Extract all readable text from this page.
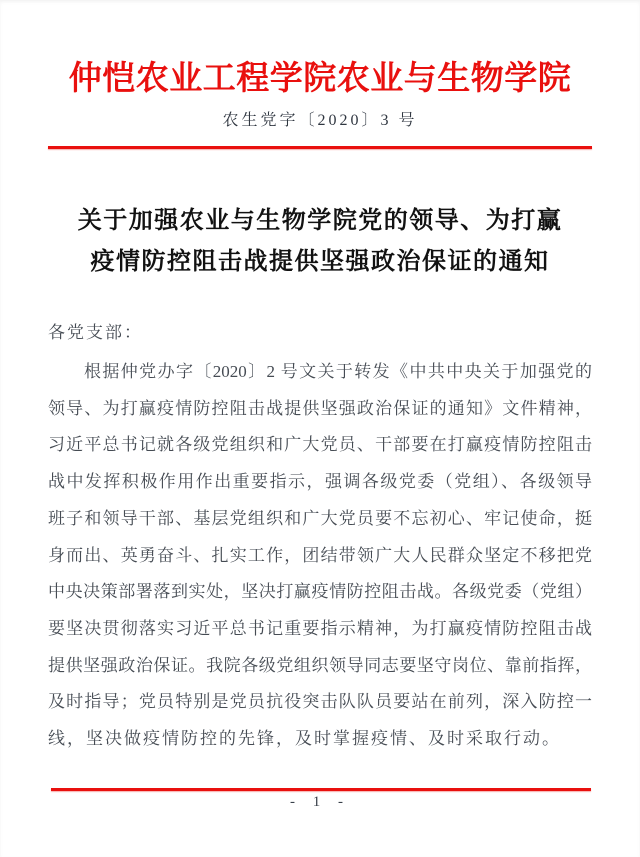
仲恺农业工程学院农业与生物学院
农生党字〔2020〕3 号
关于加强农业与生物学院党的领导、为打赢
疫情防控阻击战提供坚强政治保证的通知
各党支部：
根据仲党办字〔2020〕2 号文关于转发《中共中央关于加强党的
领导、为打赢疫情防控阻击战提供坚强政治保证的通知》文件精神，
习近平总书记就各级党组织和广大党员、干部要在打赢疫情防控阻击
战中发挥积极作用作出重要指示，强调各级党委（党组）、各级领导
班子和领导干部、基层党组织和广大党员要不忘初心、牢记使命，挺
身而出、英勇奋斗、扎实工作，团结带领广大人民群众坚定不移把党
中央决策部署落到实处，坚决打赢疫情防控阻击战。各级党委（党组）
要坚决贯彻落实习近平总书记重要指示精神，为打赢疫情防控阻击战
提供坚强政治保证。我院各级党组织领导同志要坚守岗位、靠前指挥，
及时指导；党员特别是党员抗役突击队队员要站在前列，深入防控一
线，坚决做疫情防控的先锋，及时掌握疫情、及时采取行动。
- 1 -
